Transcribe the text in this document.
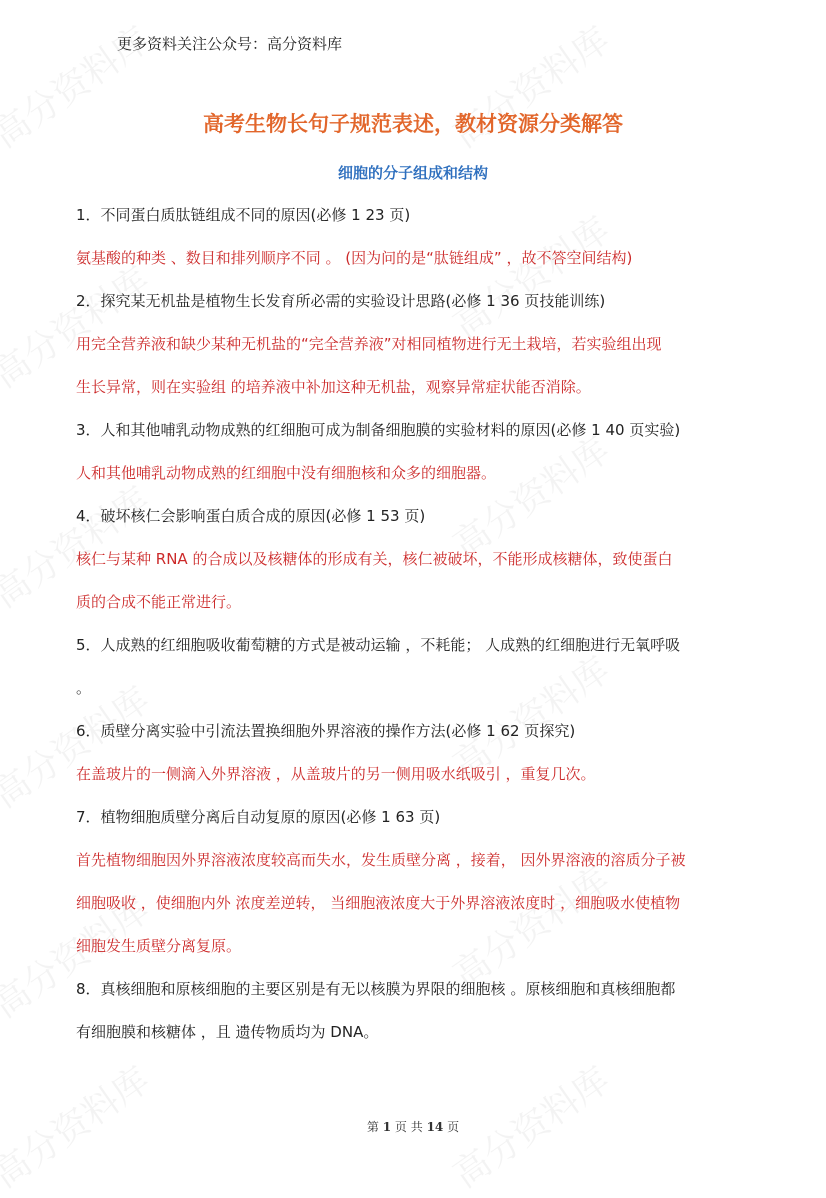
更多资料关注公众号：高分资料库
高考生物长句子规范表述，教材资源分类解答
细胞的分子组成和结构
1．不同蛋白质肽链组成不同的原因(必修 1 23 页)
氨基酸的种类 、数目和排列顺序不同 。 (因为问的是“肽链组成” ，故不答空间结构)
2．探究某无机盐是植物生长发育所必需的实验设计思路(必修 1 36 页技能训练)
用完全营养液和缺少某种无机盐的“完全营养液”对相同植物进行无土栽培，若实验组出现
生长异常，则在实验组 的培养液中补加这种无机盐，观察异常症状能否消除。
3．人和其他哺乳动物成熟的红细胞可成为制备细胞膜的实验材料的原因(必修 1 40 页实验)
人和其他哺乳动物成熟的红细胞中没有细胞核和众多的细胞器。
4．破坏核仁会影响蛋白质合成的原因(必修 1 53 页)
核仁与某种 RNA 的合成以及核糖体的形成有关，核仁被破坏，不能形成核糖体，致使蛋白
质的合成不能正常进行。
5．人成熟的红细胞吸收葡萄糖的方式是被动运输 ，不耗能； 人成熟的红细胞进行无氧呼吸
。
6．质壁分离实验中引流法置换细胞外界溶液的操作方法(必修 1 62 页探究)
在盖玻片的一侧滴入外界溶液 ，从盖玻片的另一侧用吸水纸吸引 ，重复几次。
7．植物细胞质壁分离后自动复原的原因(必修 1 63 页)
首先植物细胞因外界溶液浓度较高而失水，发生质壁分离 ，接着， 因外界溶液的溶质分子被
细胞吸收 ，使细胞内外 浓度差逆转， 当细胞液浓度大于外界溶液浓度时 ，细胞吸水使植物
细胞发生质壁分离复原。
8．真核细胞和原核细胞的主要区别是有无以核膜为界限的细胞核 。原核细胞和真核细胞都
有细胞膜和核糖体 ，且 遗传物质均为 DNA。
第 1 页 共 14 页
